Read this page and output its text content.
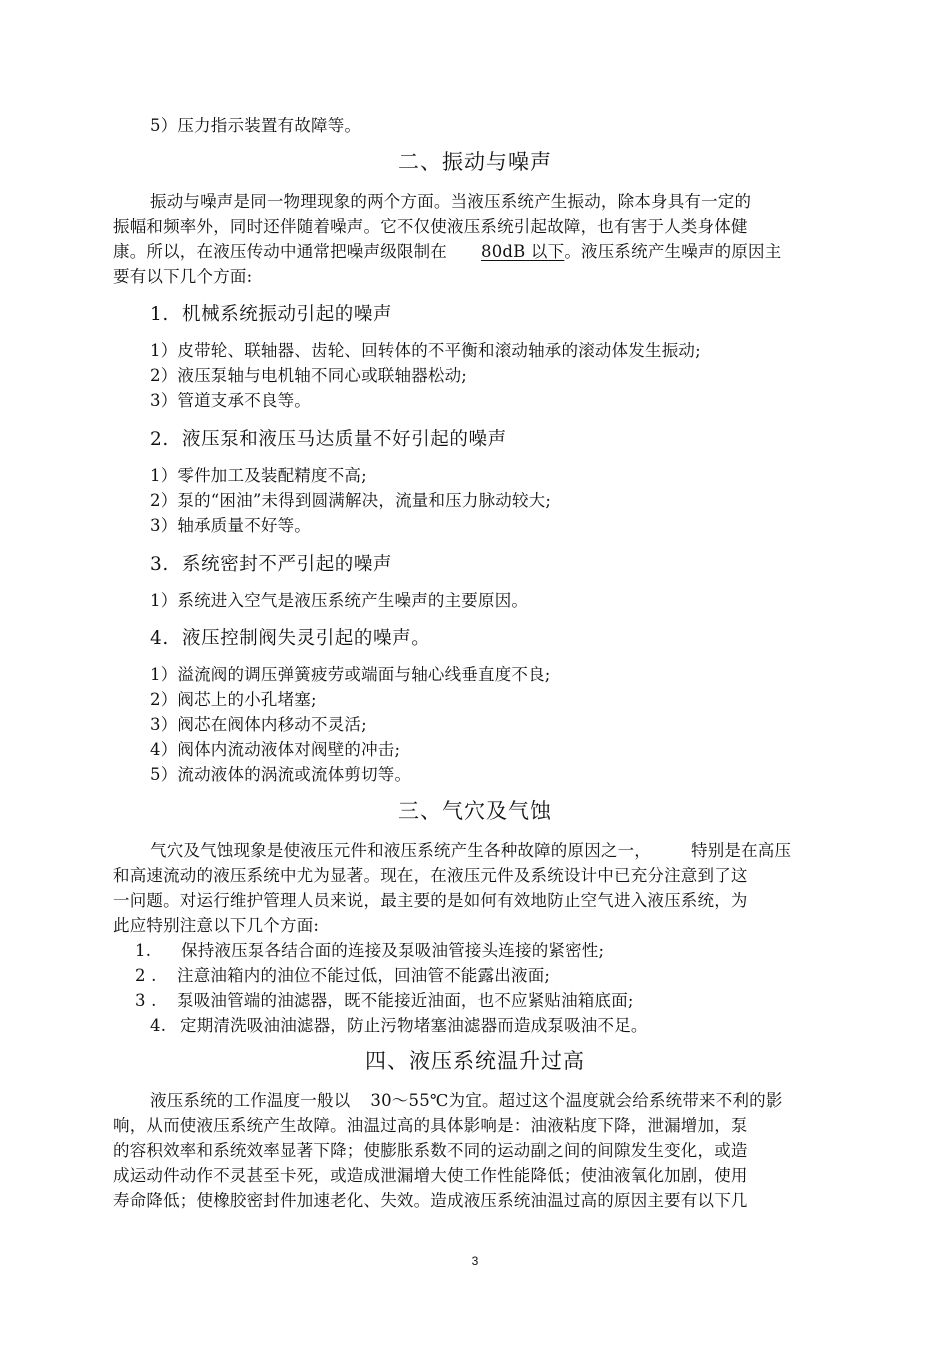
5）压力指示装置有故障等。
二、振动与噪声
振动与噪声是同一物理现象的两个方面。当液压系统产生振动，除本身具有一定的
振幅和频率外，同时还伴随着噪声。它不仅使液压系统引起故障，也有害于人类身体健
康。所以，在液压传动中通常把噪声级限制在 80dB 以下。液压系统产生噪声的原因主
要有以下几个方面:
1. 机械系统振动引起的噪声
1）皮带轮、联轴器、齿轮、回转体的不平衡和滚动轴承的滚动体发生振动;
2）液压泵轴与电机轴不同心或联轴器松动;
3）管道支承不良等。
2. 液压泵和液压马达质量不好引起的噪声
1）零件加工及装配精度不高;
2）泵的“困油”未得到圆满解决，流量和压力脉动较大;
3）轴承质量不好等。
3. 系统密封不严引起的噪声
1）系统进入空气是液压系统产生噪声的主要原因。
4. 液压控制阀失灵引起的噪声。
1）溢流阀的调压弹簧疲劳或端面与轴心线垂直度不良;
2）阀芯上的小孔堵塞;
3）阀芯在阀体内移动不灵活;
4）阀体内流动液体对阀壁的冲击;
5）流动液体的涡流或流体剪切等。
三、气穴及气蚀
气穴及气蚀现象是使液压元件和液压系统产生各种故障的原因之一， 特别是在高压
和高速流动的液压系统中尤为显著。现在，在液压元件及系统设计中已充分注意到了这
一问题。对运行维护管理人员来说，最主要的是如何有效地防止空气进入液压系统，为
此应特别注意以下几个方面:
1. 保持液压泵各结合面的连接及泵吸油管接头连接的紧密性;
2 . 注意油箱内的油位不能过低，回油管不能露出液面;
3 . 泵吸油管端的油滤器，既不能接近油面，也不应紧贴油箱底面;
4. 定期清洗吸油油滤器，防止污物堵塞油滤器而造成泵吸油不足。
四、液压系统温升过高
液压系统的工作温度一般以 30～55℃为宜。超过这个温度就会给系统带来不利的影
响，从而使液压系统产生故障。油温过高的具体影响是：油液粘度下降，泄漏增加，泵
的容积效率和系统效率显著下降；使膨胀系数不同的运动副之间的间隙发生变化，或造
成运动件动作不灵甚至卡死，或造成泄漏增大使工作性能降低；使油液氧化加剧，使用
寿命降低；使橡胶密封件加速老化、失效。造成液压系统油温过高的原因主要有以下几
3
